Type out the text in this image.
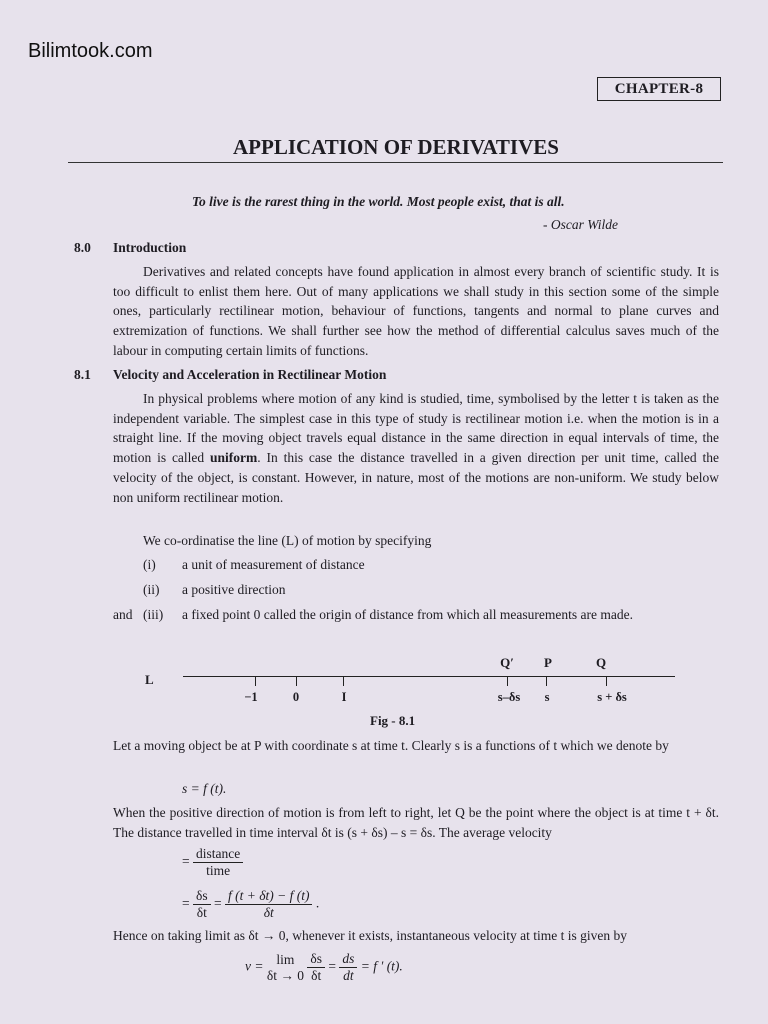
Bilimtook.com
CHAPTER-8
APPLICATION OF DERIVATIVES
To live is the rarest thing in the world. Most people exist, that is all.
- Oscar Wilde
8.0 Introduction

Derivatives and related concepts have found application in almost every branch of scientific study. It is too difficult to enlist them here. Out of many applications we shall study in this section some of the simple ones, particularly rectilinear motion, behaviour of functions, tangents and normal to plane curves and extremization of functions. We shall further see how the method of differential calculus saves much of the labour in computing certain limits of functions.

8.1 Velocity and Acceleration in Rectilinear Motion

In physical problems where motion of any kind is studied, time, symbolised by the letter t is taken as the independent variable. The simplest case in this type of study is rectilinear motion i.e. when the motion is in a straight line. If the moving object travels equal distance in the same direction in equal intervals of time, the motion is called uniform. In this case the distance travelled in a given direction per unit time, called the velocity of the object, is constant. However, in nature, most of the motions are non-uniform. We study below non uniform rectilinear motion.

We co-ordinatise the line (L) of motion by specifying
(i) a unit of measurement of distance
(ii) a positive direction
and (iii) a fixed point 0 called the origin of distance from which all measurements are made.
L
−1	0	I	s–δs s	s + δs
Q′ P	Q
Fig - 8.1

Let a moving object be at P with coordinate s at time t. Clearly s is a functions of t which we denote by

s = f (t).

When the positive direction of motion is from left to right, let Q be the point where the object is at time t + δt. The distance travelled in time interval δt is (s + δs) – s = δs. The average velocity

= $\frac{\text{distance}}{\text{time}}$
= $\frac{\delta s}{\delta t} = \frac{f (t + \delta t) - f (t)}{\delta t}$ .
Hence on taking limit as δt → 0, whenever it exists, instantaneous velocity at time t is given by
v = lim
δt → 0
$\frac{\delta s}{\delta t} = \frac{ds}{dt} = f$ ′ (t).
